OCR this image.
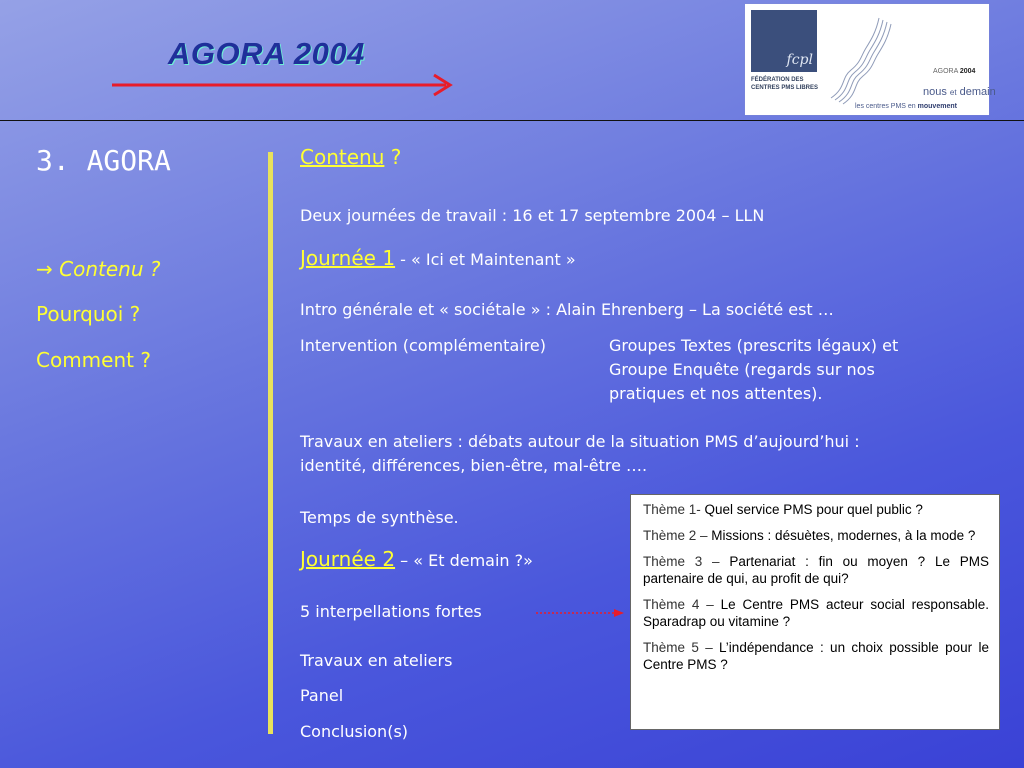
AGORA 2004	fcpl
FÉDÉRATION DES
CENTRES PMS LIBRES
AGORA 2004
nous et demain
les centres PMS en mouvement
3. AGORA
→ Contenu ?
Pourquoi ?
Comment ?
Contenu ?
Deux journées de travail : 16 et 17 septembre 2004 – LLN
Journée 1 - « Ici et Maintenant »
Intro générale et « sociétale » : Alain Ehrenberg – La société est …
Intervention (complémentaire)	Groupes Textes (prescrits légaux) et
Groupe Enquête (regards sur nos
pratiques et nos attentes).
Travaux en ateliers : débats autour de la situation PMS d’aujourd’hui :
identité, différences, bien-être, mal-être ….
Temps de synthèse.
Journée 2 – « Et demain ?»
5 interpellations fortes
Travaux en ateliers
Panel
Conclusion(s)

Thème 1- Quel service PMS pour quel public ?

Thème 2 – Missions : désuètes, modernes, à la mode ?

Thème 3 – Partenariat : fin ou moyen ? Le PMS partenaire de qui, au profit de qui?

Thème 4 – Le Centre PMS acteur social responsable. Sparadrap ou vitamine ?

Thème 5 – L’indépendance : un choix possible pour le Centre PMS ?
